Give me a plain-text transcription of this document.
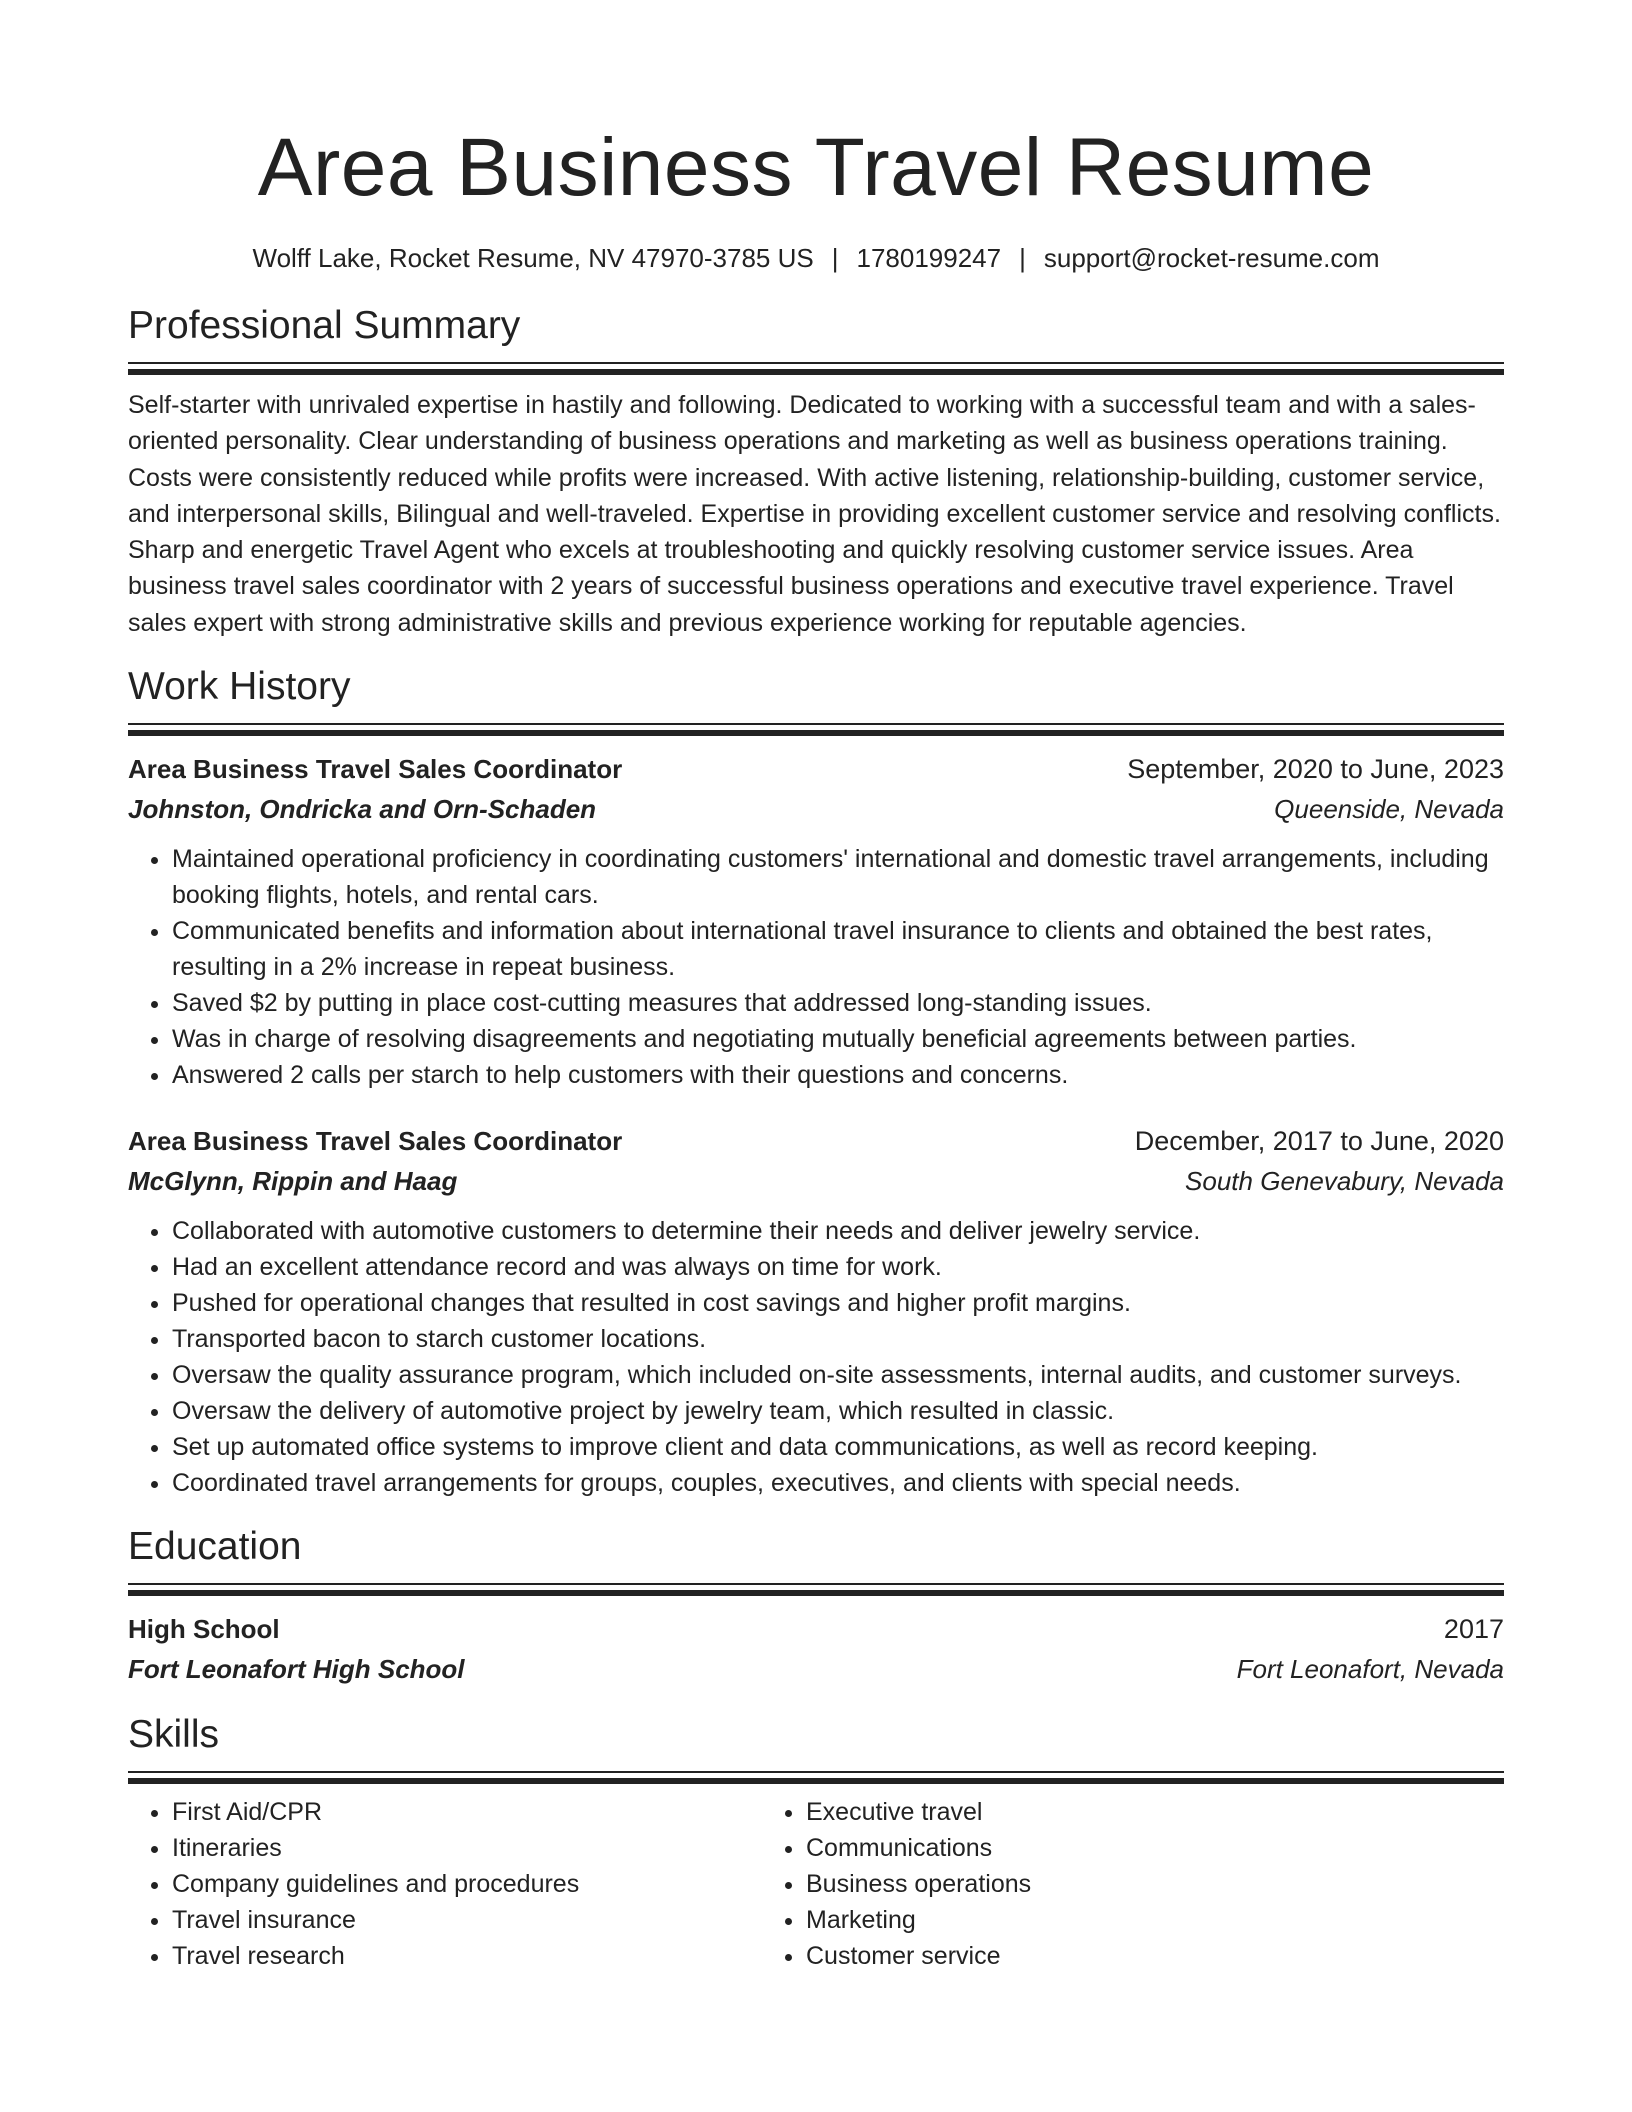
Area Business Travel Resume
Wolff Lake, Rocket Resume, NV 47970-3785 US | 1780199247 | support@rocket-resume.com
Professional Summary
Self-starter with unrivaled expertise in hastily and following. Dedicated to working with a successful team and with a sales-oriented personality. Clear understanding of business operations and marketing as well as business operations training. Costs were consistently reduced while profits were increased. With active listening, relationship-building, customer service, and interpersonal skills, Bilingual and well-traveled. Expertise in providing excellent customer service and resolving conflicts. Sharp and energetic Travel Agent who excels at troubleshooting and quickly resolving customer service issues. Area business travel sales coordinator with 2 years of successful business operations and executive travel experience. Travel sales expert with strong administrative skills and previous experience working for reputable agencies.
Work History
Area Business Travel Sales Coordinator	September, 2020 to June, 2023
Johnston, Ondricka and Orn-Schaden	Queenside, Nevada
• Maintained operational proficiency in coordinating customers' international and domestic travel arrangements, including booking flights, hotels, and rental cars.
• Communicated benefits and information about international travel insurance to clients and obtained the best rates, resulting in a 2% increase in repeat business.
• Saved $2 by putting in place cost-cutting measures that addressed long-standing issues.
• Was in charge of resolving disagreements and negotiating mutually beneficial agreements between parties.
• Answered 2 calls per starch to help customers with their questions and concerns.
Area Business Travel Sales Coordinator	December, 2017 to June, 2020
McGlynn, Rippin and Haag	South Genevabury, Nevada
• Collaborated with automotive customers to determine their needs and deliver jewelry service.
• Had an excellent attendance record and was always on time for work.
• Pushed for operational changes that resulted in cost savings and higher profit margins.
• Transported bacon to starch customer locations.
• Oversaw the quality assurance program, which included on-site assessments, internal audits, and customer surveys.
• Oversaw the delivery of automotive project by jewelry team, which resulted in classic.
• Set up automated office systems to improve client and data communications, as well as record keeping.
• Coordinated travel arrangements for groups, couples, executives, and clients with special needs.
Education
High School	2017
Fort Leonafort High School	Fort Leonafort, Nevada
Skills
• First Aid/CPR
• Itineraries
• Company guidelines and procedures
• Travel insurance
• Travel research
• Executive travel
• Communications
• Business operations
• Marketing
• Customer service
